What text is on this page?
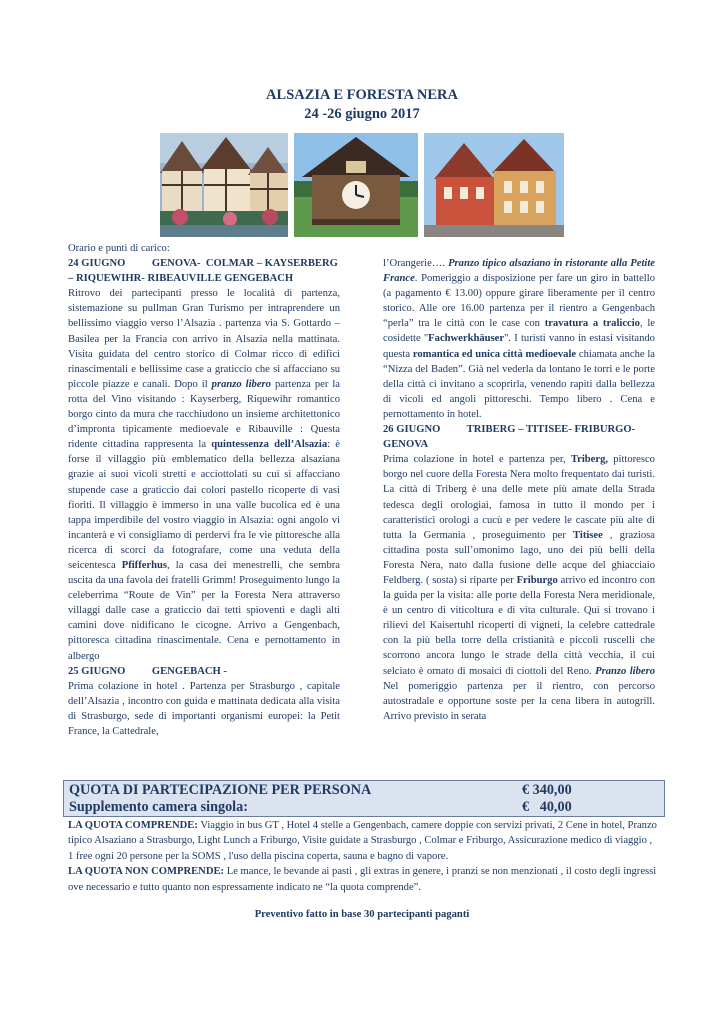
ALSAZIA E FORESTA NERA
24 -26 giugno 2017

Orario e punti di carico:

24 GIUGNO          GENOVA-  COLMAR – KAYSERBERG

– RIQUEWIHR- RIBEAUVILLE GENGEBACH

Ritrovo dei partecipanti presso le località di partenza, sistemazione su pullman Gran Turismo per intraprendere un bellissimo viaggio verso l’Alsazia . partenza via S. Gottardo – Basilea per la Francia con arrivo in Alsazia nella mattinata. Visita guidata del centro storico di Colmar ricco di edifici rinascimentali e bellissime case a graticcio che si affacciano su piccole piazze e canali. Dopo il pranzo libero partenza per la rotta del Vino visitando : Kayserberg, Riquewihr romantico borgo cinto da mura che racchiudono un insieme architettonico d’impronta tipicamente medioevale e Ribauville : Questa ridente cittadina rappresenta la quintessenza dell’Alsazia: è forse il villaggio più emblematico della bellezza alsaziana grazie ai suoi vicoli stretti e acciottolati su cui si affacciano stupende case a graticcio dai colori pastello ricoperte di vasi fioriti. Il villaggio è immerso in una valle bucolica ed è una tappa imperdibile del vostro viaggio in Alsazia: ogni angolo vi incanterà e vi consigliamo di perdervi fra le vie pittoresche alla ricerca di scorci da fotografare, come una veduta della seicentesca Pfifferhus, la casa dei menestrelli, che sembra uscita da una favola dei fratelli Grimm! Proseguimento lungo la celeberrima “Route de Vin” per la Foresta Nera attraverso villaggi dalle case a graticcio dai tetti spioventi e dagli alti camini dove nidificano le cicogne. Arrivo a Gengenbach, pittoresca cittadina rinascimentale. Cena e pernottamento in albergo

25 GIUGNO          GENGEBACH -

Prima colazione in hotel . Partenza per Strasburgo , capitale dell’Alsazia , incontro con guida e mattinata dedicata alla visita di Strasburgo, sede di importanti organismi europei: la Petit France, la Cattedrale,

l’Orangerie…. Pranzo tipico alsaziano in ristorante alla Petite France. Pomeriggio a disposizione per fare un giro in battello (a pagamento € 13.00) oppure girare liberamente per il centro storico. Alle ore 16.00 partenza per il rientro a Gengenbach “perla” tra le città con le case con travatura a traliccio, le cosidette "Fachwerkhäuser". I turisti vanno in estasi visitando questa romantica ed unica città medioevale chiamata anche la “Nizza del Baden”. Già nel vederla da lontano le torri e le porte della città ci invitano a scoprirla, venendo rapiti dalla bellezza di vicoli ed angoli pittoreschi. Tempo libero . Cena e pernottamento in hotel.

26 GIUGNO          TRIBERG – TITISEE- FRIBURGO-GENOVA

Prima colazione in hotel e partenza per, Triberg, pittoresco borgo nel cuore della Foresta Nera molto frequentato dai turisti. La città di Triberg è una delle mete più amate della Strada tedesca degli orologiai, famosa in tutto il mondo per i caratteristici orologi a cucù e per vedere le cascate più alte di tutta la Germania , proseguimento per Titisee , graziosa cittadina posta sull’omonimo lago, uno dei più belli della Foresta Nera, nato dalla fusione delle acque del ghiacciaio Feldberg. ( sosta) si riparte per Friburgo arrivo ed incontro con la guida per la visita: alle porte della Foresta Nera meridionale, è un centro di viticoltura e di vita culturale. Qui si trovano i rilievi del Kaisertuhl ricoperti di vigneti, la celebre cattedrale con la più bella torre della cristianità e piccoli ruscelli che scorrono ancora lungo le strade della città vecchia, il cui selciato è ornato di mosaici di ciottoli del Reno. Pranzo libero Nel pomeriggio partenza per il rientro, con percorso autostradale e opportune soste per la cena libera in autogrill. Arrivo previsto in serata

QUOTA DI PARTECIPAZIONE PER PERSONA	€ 340,00
Supplemento camera singola:	€   40,00

LA QUOTA COMPRENDE: Viaggio in bus GT , Hotel 4 stelle a Gengenbach, camere doppie con servizi privati, 2 Cene in hotel, Pranzo tipico Alsaziano a Strasburgo, Light Lunch a Friburgo, Visite guidate a Strasburgo , Colmar e Friburgo, Assicurazione medico di viaggio , 1 free ogni 20 persone per la SOMS , l'uso della piscina coperta, sauna e bagno di vapore.

LA QUOTA NON COMPRENDE: Le mance, le bevande ai pasti , gli extras in genere, i pranzi se non menzionati , il costo degli ingressi ove necessario e tutto quanto non espressamente indicato ne “la quota comprende”.

Preventivo fatto in base 30 partecipanti paganti
